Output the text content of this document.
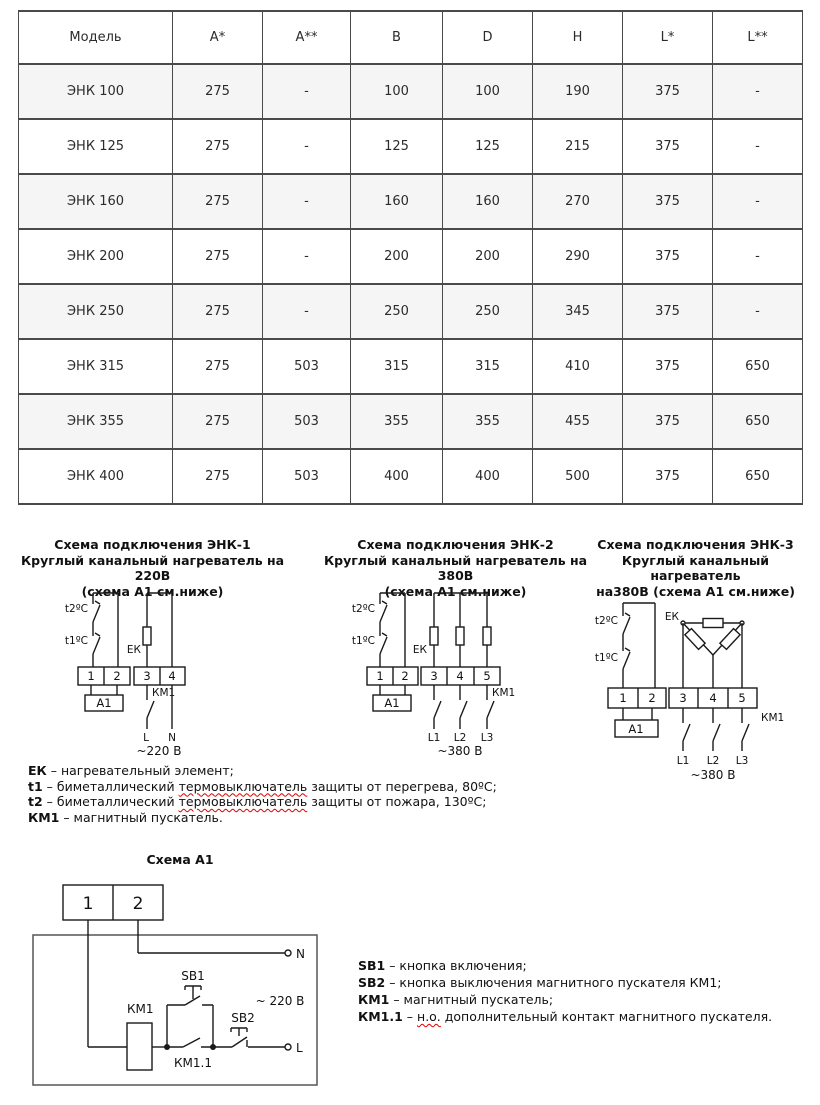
Модель	A*	A**	B	D	H	L*	L**
ЭНК 100	275	-	100	100	190	375	-
ЭНК 125	275	-	125	125	215	375	-
ЭНК 160	275	-	160	160	270	375	-
ЭНК 200	275	-	200	200	290	375	-
ЭНК 250	275	-	250	250	345	375	-
ЭНК 315	275	503	315	315	410	375	650
ЭНК 355	275	503	355	355	455	375	650
ЭНК 400	275	503	400	400	500	375	650
Схема подключения ЭНК-1
Круглый канальный нагреватель на 220В
(схема А1 см.ниже)
Схема подключения ЭНК-2
Круглый канальный нагреватель на 380В
(схема А1 см.ниже)
Схема подключения ЭНК-3
Круглый канальный нагреватель
на380В (схема А1 см.ниже)
t2ºC
t1ºC
ЕК
1 2 3 4
А1
КМ1
L N
~220 В
t2ºC
t1ºC
ЕК
1 2 3 4 5
А1
КМ1
L1 L2 L3
~380 В
t2ºC
t1ºC
ЕК
1 2 3 4 5
А1
КМ1
L1 L2 L3
~380 В
ЕК – нагревательный элемент;
t1 – биметаллический термовыключатель защиты от перегрева, 80ºС;
t2 – биметаллический термовыключатель защиты от пожара, 130ºС;
КМ1 – магнитный пускатель.
Схема А1
1 2
N
L
КМ1
SB1
SB2
КМ1.1
~ 220 В
SB1 – кнопка включения;
SB2 – кнопка выключения магнитного пускателя КМ1;
КМ1 – магнитный пускатель;
КМ1.1 – н.о. дополнительный контакт магнитного пускателя.
